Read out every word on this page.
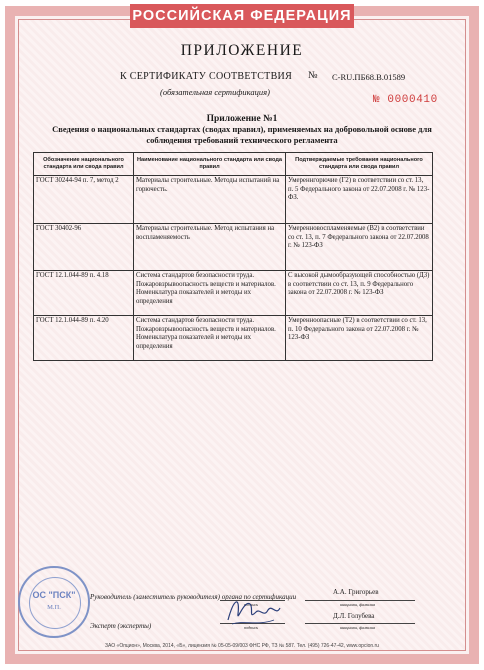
РОССИЙСКАЯ ФЕДЕРАЦИЯ
ПРИЛОЖЕНИЕ
К СЕРТИФИКАТУ СООТВЕТСТВИЯ № C-RU.ПБ68.В.01589
(обязательная сертификация)
№ 0000410
Приложение №1
Сведения о национальных стандартах (сводах правил), применяемых на добровольной основе для соблюдения требований технического регламента
Обозначение национального стандарта или свода правил	Наименование национального стандарта или свода правил	Подтверждаемые требования национального стандарта или свода правил
ГОСТ 30244-94 п. 7, метод 2	Материалы строительные. Методы испытаний на горючесть.	Умереннгорючие (Г2) в соответствии со ст. 13, п. 5 Федерального закона от 22.07.2008 г. № 123-ФЗ.
ГОСТ 30402-96	Материалы строительные. Метод испытания на воспламеняемость	Умеренновоспламеняемые (В2) в соответствии со ст. 13, п. 7 Федерального закона от 22.07.2008 г. № 123-ФЗ
ГОСТ 12.1.044-89 п. 4.18	Система стандартов безопасности труда. Пожаровзрывоопасность веществ и материалов. Номенклатура показателей и методы их определения	С высокой дымообразующей способностью (Д3) в соответствии со ст. 13, п. 9 Федерального закона от 22.07.2008 г. № 123-ФЗ
ГОСТ 12.1.044-89 п. 4.20	Система стандартов безопасности труда. Пожаровзрывоопасность веществ и материалов. Номенклатура показателей и методы их определения	Умеренноопасные (Т2) в соответствии со ст. 13, п. 10 Федерального закона от 22.07.2008 г. № 123-ФЗ
ОС "ПСК"
М.П.
Руководитель (заместитель руководителя) органа по сертификации
Эксперт (эксперты)
подпись	инициалы, фамилия
подпись	инициалы, фамилия
А.А. Григорьев
Д.Л. Голубева
ЗАО «Опцион», Москва, 2014, «Б», лицензия № 05-05-09/003 ФНС РФ, ТЗ № 587. Тел. (495) 726-47-42, www.opcion.ru
